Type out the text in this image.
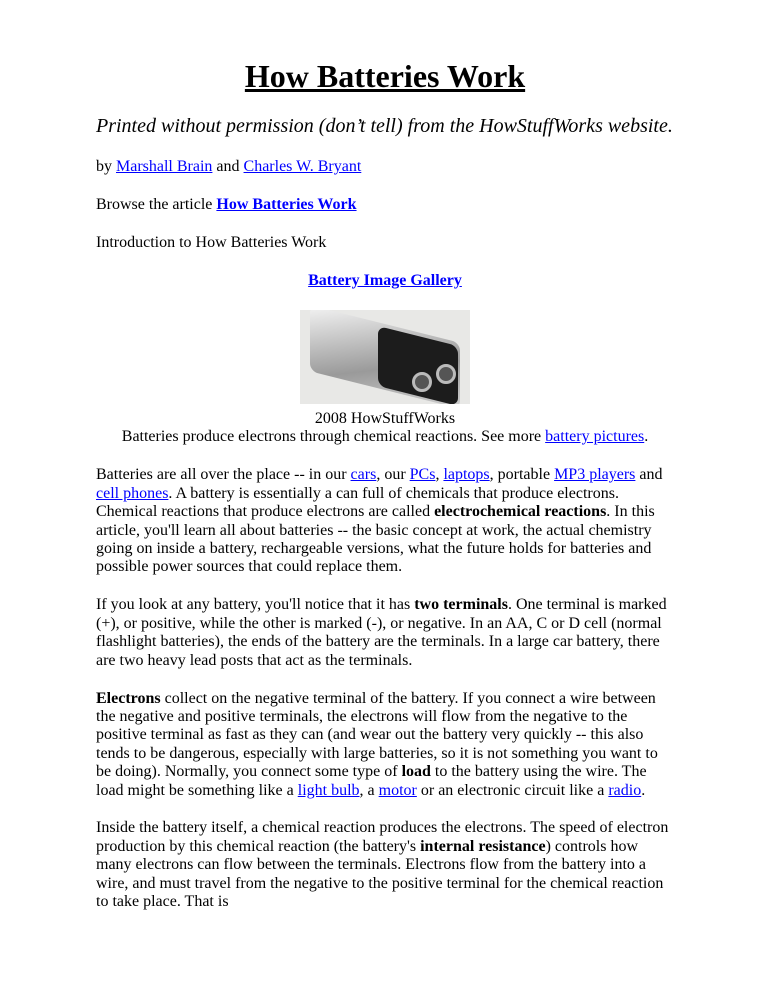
How Batteries Work
Printed without permission (don’t tell) from the HowStuffWorks website.

by Marshall Brain and Charles W. Bryant

Browse the article How Batteries Work

Introduction to How Batteries Work

Battery Image Gallery

2008 HowStuffWorks
Batteries produce electrons through chemical reactions. See more battery pictures.

Batteries are all over the place -- in our cars, our PCs, laptops, portable MP3 players and cell phones. A battery is essentially a can full of chemicals that produce electrons. Chemical reactions that produce electrons are called electrochemical reactions. In this article, you'll learn all about batteries -- the basic concept at work, the actual chemistry going on inside a battery, rechargeable versions, what the future holds for batteries and possible power sources that could replace them.

If you look at any battery, you'll notice that it has two terminals. One terminal is marked (+), or positive, while the other is marked (-), or negative. In an AA, C or D cell (normal flashlight batteries), the ends of the battery are the terminals. In a large car battery, there are two heavy lead posts that act as the terminals.

Electrons collect on the negative terminal of the battery. If you connect a wire between the negative and positive terminals, the electrons will flow from the negative to the positive terminal as fast as they can (and wear out the battery very quickly -- this also tends to be dangerous, especially with large batteries, so it is not something you want to be doing). Normally, you connect some type of load to the battery using the wire. The load might be something like a light bulb, a motor or an electronic circuit like a radio.

Inside the battery itself, a chemical reaction produces the electrons. The speed of electron production by this chemical reaction (the battery's internal resistance) controls how many electrons can flow between the terminals. Electrons flow from the battery into a wire, and must travel from the negative to the positive terminal for the chemical reaction to take place. That is
